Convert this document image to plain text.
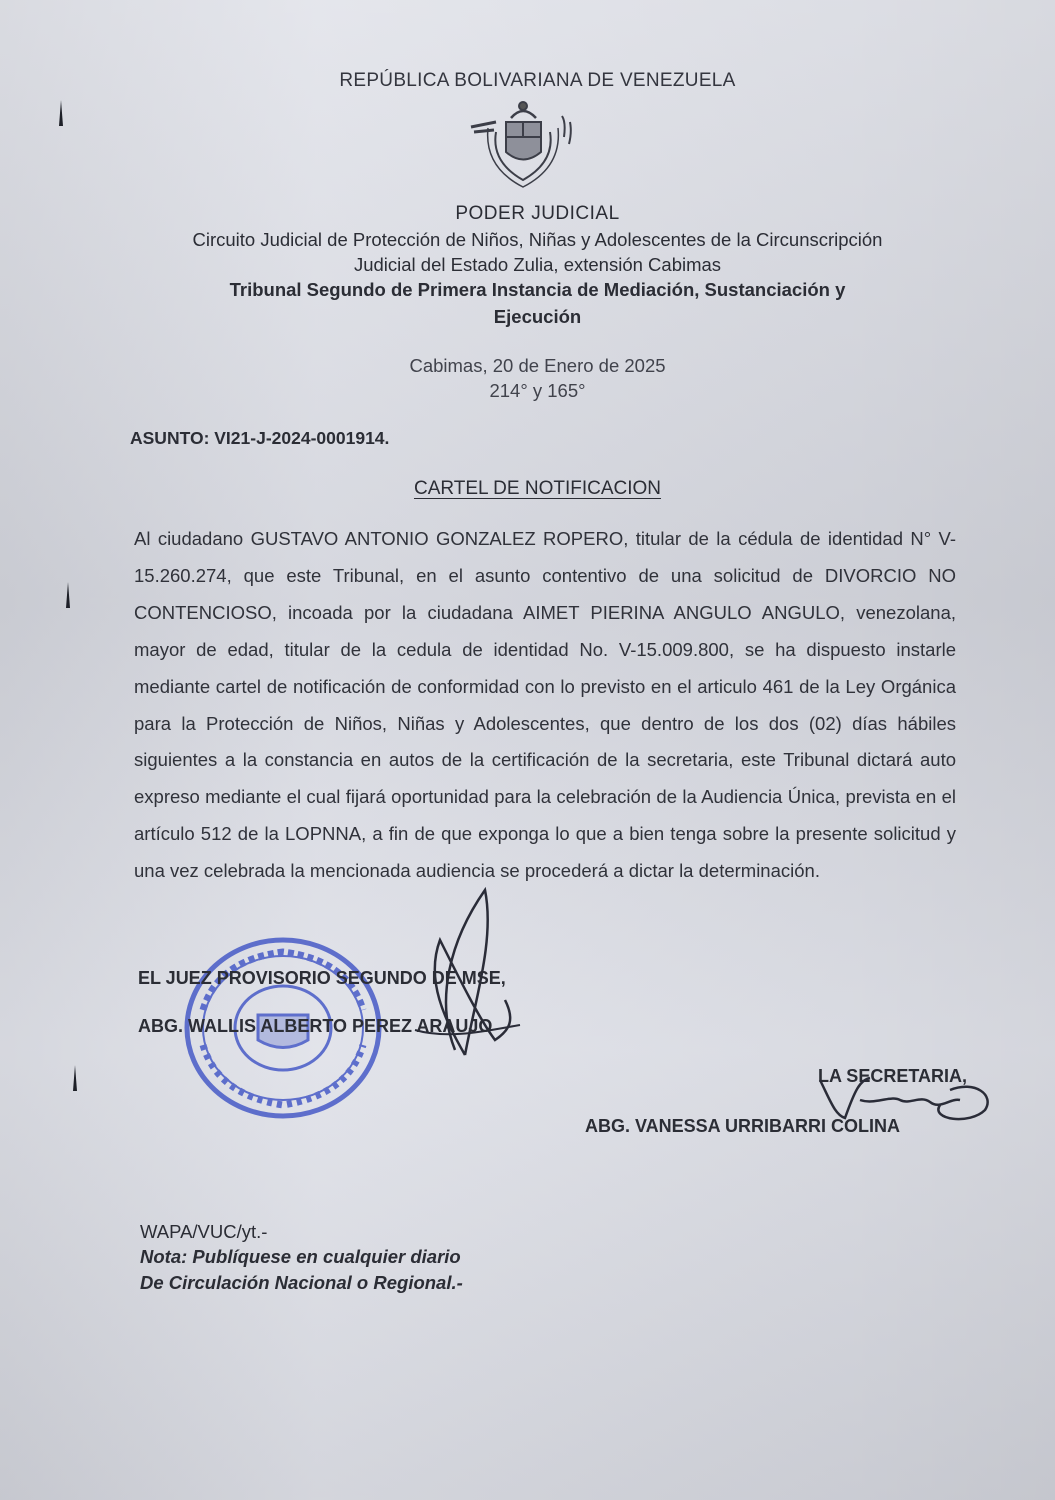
REPÚBLICA BOLIVARIANA DE VENEZUELA
PODER JUDICIAL
Circuito Judicial de Protección de Niños, Niñas y Adolescentes de la Circunscripción
Judicial del Estado Zulia, extensión Cabimas
Tribunal Segundo de Primera Instancia de Mediación, Sustanciación y
Ejecución
Cabimas, 20 de Enero de 2025
214° y 165°
ASUNTO: VI21-J-2024-0001914.
CARTEL DE NOTIFICACION
Al ciudadano GUSTAVO ANTONIO GONZALEZ ROPERO, titular de la cédula de identidad N° V-15.260.274, que este Tribunal, en el asunto contentivo de una solicitud de DIVORCIO NO CONTENCIOSO, incoada por la ciudadana AIMET PIERINA ANGULO ANGULO, venezolana, mayor de edad, titular de la cedula de identidad No. V-15.009.800, se ha dispuesto instarle mediante cartel de notificación de conformidad con lo previsto en el articulo 461 de la Ley Orgánica para la Protección de Niños, Niñas y Adolescentes, que dentro de los dos (02) días hábiles siguientes a la constancia en autos de la certificación de la secretaria, este Tribunal dictará auto expreso mediante el cual fijará oportunidad para la celebración de la Audiencia Única, prevista en el artículo 512 de la LOPNNA, a fin de que exponga lo que a bien tenga sobre la presente solicitud y una vez celebrada la mencionada audiencia se procederá a dictar la determinación.
EL JUEZ PROVISORIO SEGUNDO DE MSE,
ABG. WALLIS ALBERTO PEREZ ARAUJO
LA SECRETARIA,
ABG. VANESSA URRIBARRI COLINA
WAPA/VUC/yt.-
Nota: Publíquese en cualquier diario
De Circulación Nacional o Regional.-
